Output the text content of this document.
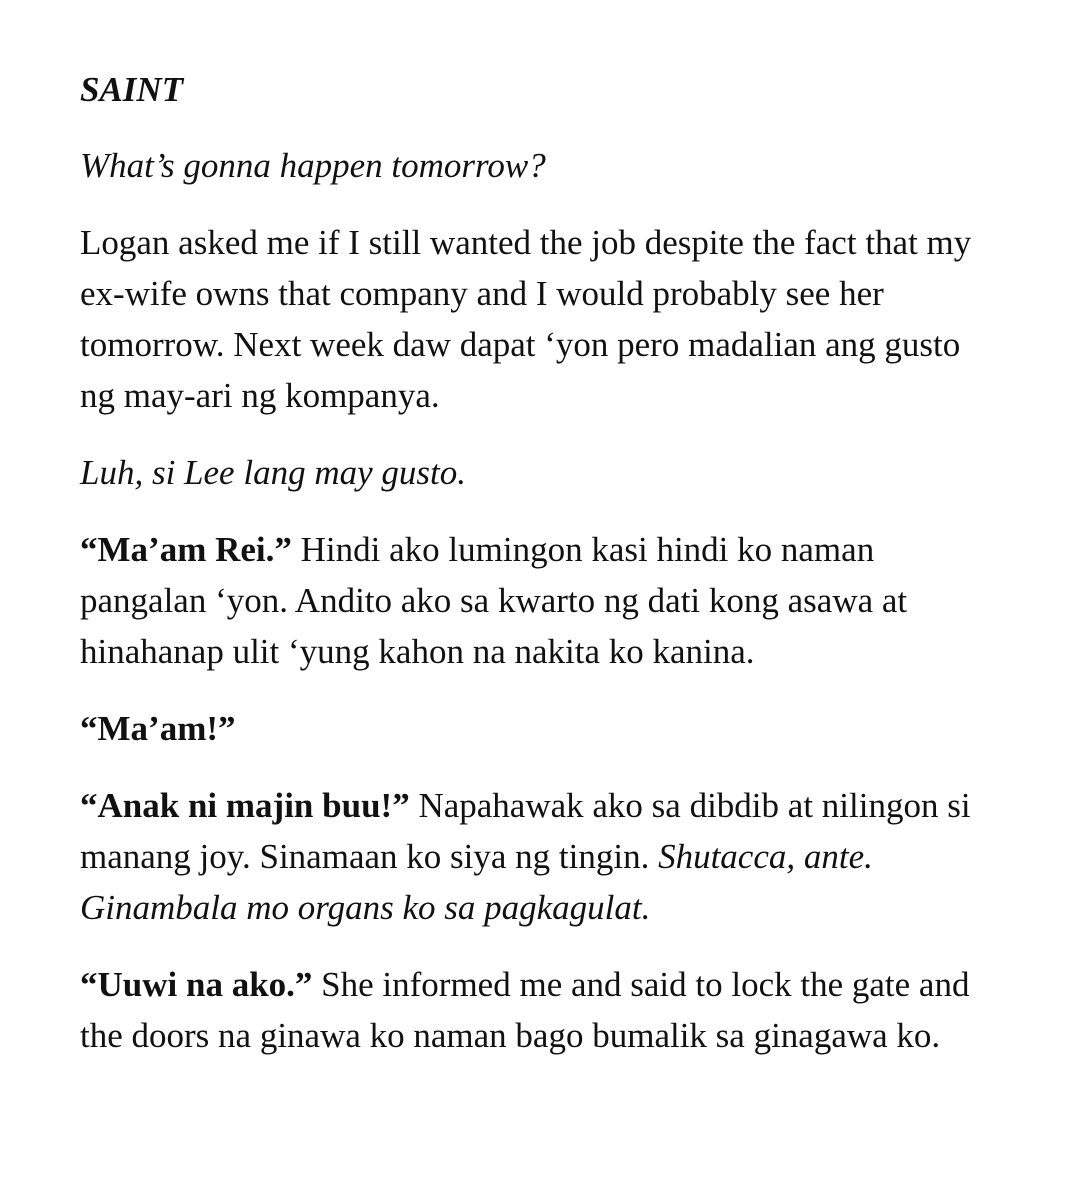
SAINT

What’s gonna happen tomorrow?

Logan asked me if I still wanted the job despite the fact that my ex-wife owns that company and I would probably see her tomorrow. Next week daw dapat ‘yon pero madalian ang gusto ng may-ari ng kompanya.

Luh, si Lee lang may gusto.

“Ma’am Rei.” Hindi ako lumingon kasi hindi ko naman pangalan ‘yon. Andito ako sa kwarto ng dati kong asawa at hinahanap ulit ‘yung kahon na nakita ko kanina.

“Ma’am!”

“Anak ni majin buu!” Napahawak ako sa dibdib at nilingon si manang joy. Sinamaan ko siya ng tingin. Shutacca, ante. Ginambala mo organs ko sa pagkagulat.

“Uuwi na ako.” She informed me and said to lock the gate and the doors na ginawa ko naman bago bumalik sa ginagawa ko.
